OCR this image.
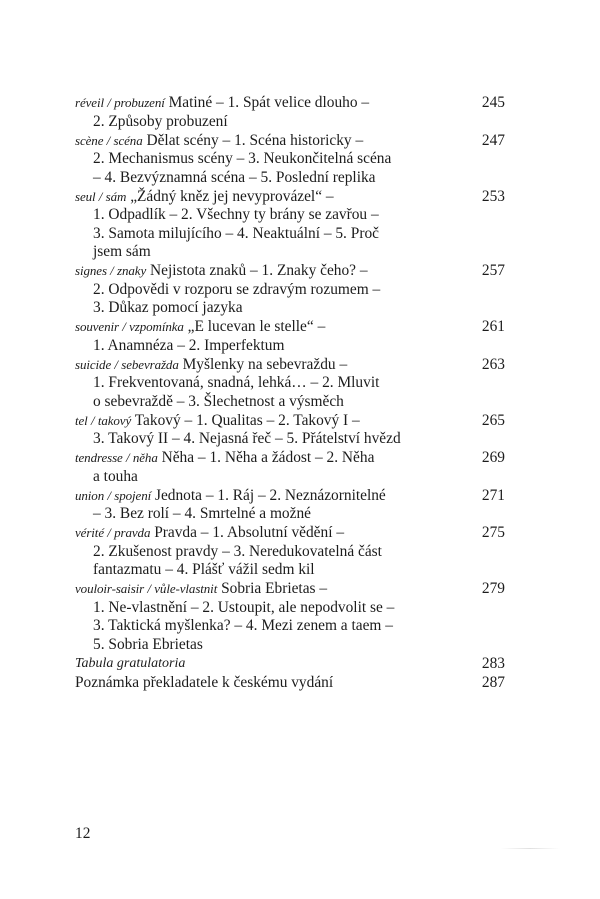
réveil / probuzení Matiné – 1. Spát velice dlouho –
2. Způsoby probuzení
245
scène / scéna Dělat scény – 1. Scéna historicky –
2. Mechanismus scény – 3. Neukončitelná scéna
– 4. Bezvýznamná scéna – 5. Poslední replika
247
seul / sám „Žádný kněz jej nevyprovázel“ –
1. Odpadlík – 2. Všechny ty brány se zavřou –
3. Samota milujícího – 4. Neaktuální – 5. Proč
jsem sám
253
signes / znaky Nejistota znaků – 1. Znaky čeho? –
2. Odpovědi v rozporu se zdravým rozumem –
3. Důkaz pomocí jazyka
257
souvenir / vzpomínka „E lucevan le stelle“ –
1. Anamnéza – 2. Imperfektum
261
suicide / sebevražda Myšlenky na sebevraždu –
1. Frekventovaná, snadná, lehká… – 2. Mluvit
o sebevraždě – 3. Šlechetnost a výsměch
263
tel / takový Takový – 1. Qualitas – 2. Takový I –
3. Takový II – 4. Nejasná řeč – 5. Přátelství hvězd
265
tendresse / něha Něha – 1. Něha a žádost – 2. Něha
a touha
269
union / spojení Jednota – 1. Ráj – 2. Neznázornitelné
– 3. Bez rolí – 4. Smrtelné a možné
271
vérité / pravda Pravda – 1. Absolutní vědění –
2. Zkušenost pravdy – 3. Neredukovatelná část
fantazmatu – 4. Plášť vážil sedm kil
275
vouloir-saisir / vůle-vlastnit Sobria Ebrietas –
1. Ne-vlastnění – 2. Ustoupit, ale nepodvolit se –
3. Taktická myšlenka? – 4. Mezi zenem a taem –
5. Sobria Ebrietas
279
Tabula gratulatoria	283
Poznámka překladatele k českému vydání	287
12
